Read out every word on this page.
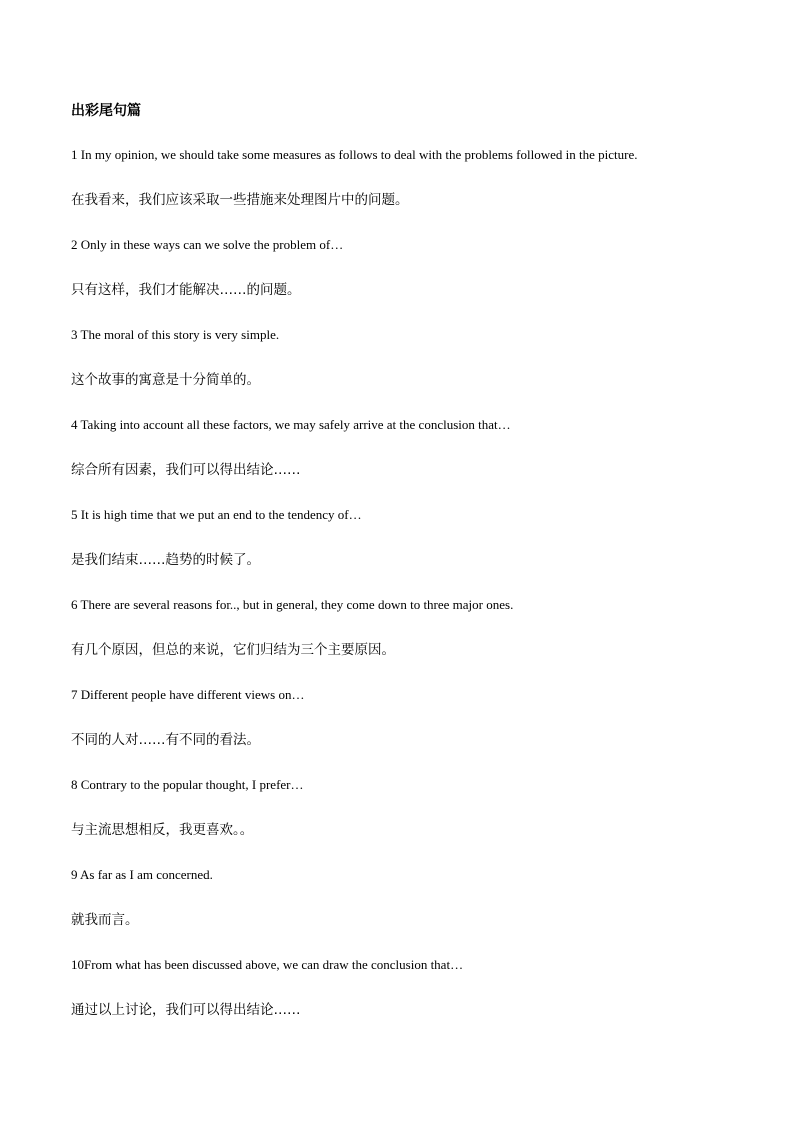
出彩尾句篇
1 In my opinion, we should take some measures as follows to deal with the problems followed in the picture.
在我看来，我们应该采取一些措施来处理图片中的问题。
2 Only in these ways can we solve the problem of…
只有这样，我们才能解决……的问题。
3 The moral of this story is very simple.
这个故事的寓意是十分简单的。
4 Taking into account all these factors, we may safely arrive at the conclusion that…
综合所有因素，我们可以得出结论……
5 It is high time that we put an end to the tendency of…
是我们结束……趋势的时候了。
6 There are several reasons for.., but in general, they come down to three major ones.
有几个原因，但总的来说，它们归结为三个主要原因。
7 Different people have different views on…
不同的人对……有不同的看法。
8 Contrary to the popular thought, I prefer…
与主流思想相反，我更喜欢。。
9 As far as I am concerned.
就我而言。
10From what has been discussed above, we can draw the conclusion that…
通过以上讨论，我们可以得出结论……
